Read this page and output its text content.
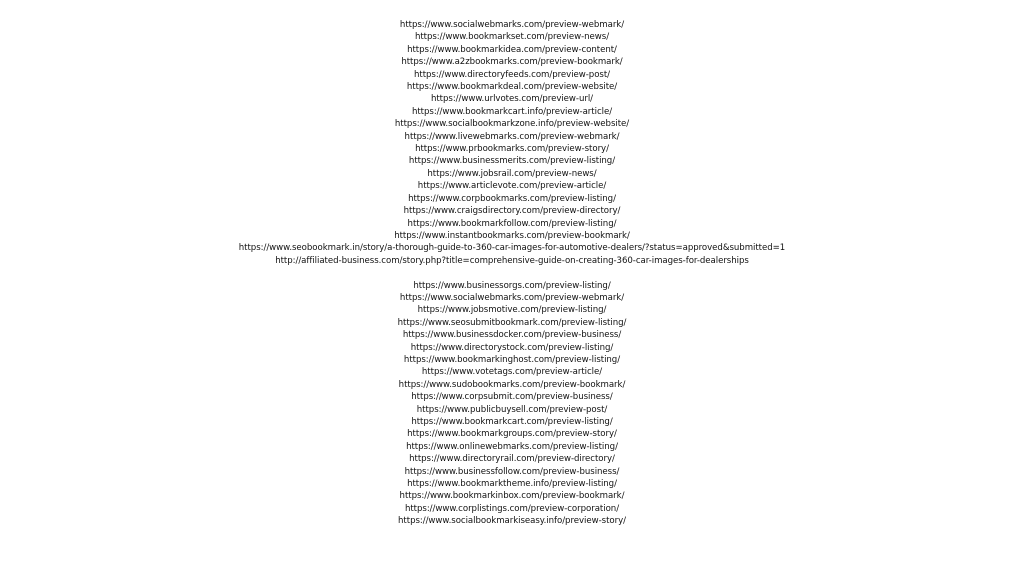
https://www.socialwebmarks.com/preview-webmark/
https://www.bookmarkset.com/preview-news/
https://www.bookmarkidea.com/preview-content/
https://www.a2zbookmarks.com/preview-bookmark/
https://www.directoryfeeds.com/preview-post/
https://www.bookmarkdeal.com/preview-website/
https://www.urlvotes.com/preview-url/
https://www.bookmarkcart.info/preview-article/
https://www.socialbookmarkzone.info/preview-website/
https://www.livewebmarks.com/preview-webmark/
https://www.prbookmarks.com/preview-story/
https://www.businessmerits.com/preview-listing/
https://www.jobsrail.com/preview-news/
https://www.articlevote.com/preview-article/
https://www.corpbookmarks.com/preview-listing/
https://www.craigsdirectory.com/preview-directory/
https://www.bookmarkfollow.com/preview-listing/
https://www.instantbookmarks.com/preview-bookmark/
https://www.seobookmark.in/story/a-thorough-guide-to-360-car-images-for-automotive-dealers/?status=approved&submitted=1
http://affiliated-business.com/story.php?title=comprehensive-guide-on-creating-360-car-images-for-dealerships
https://www.businessorgs.com/preview-listing/
https://www.socialwebmarks.com/preview-webmark/
https://www.jobsmotive.com/preview-listing/
https://www.seosubmitbookmark.com/preview-listing/
https://www.businessdocker.com/preview-business/
https://www.directorystock.com/preview-listing/
https://www.bookmarkinghost.com/preview-listing/
https://www.votetags.com/preview-article/
https://www.sudobookmarks.com/preview-bookmark/
https://www.corpsubmit.com/preview-business/
https://www.publicbuysell.com/preview-post/
https://www.bookmarkcart.com/preview-listing/
https://www.bookmarkgroups.com/preview-story/
https://www.onlinewebmarks.com/preview-listing/
https://www.directoryrail.com/preview-directory/
https://www.businessfollow.com/preview-business/
https://www.bookmarktheme.info/preview-listing/
https://www.bookmarkinbox.com/preview-bookmark/
https://www.corplistings.com/preview-corporation/
https://www.socialbookmarkiseasy.info/preview-story/
